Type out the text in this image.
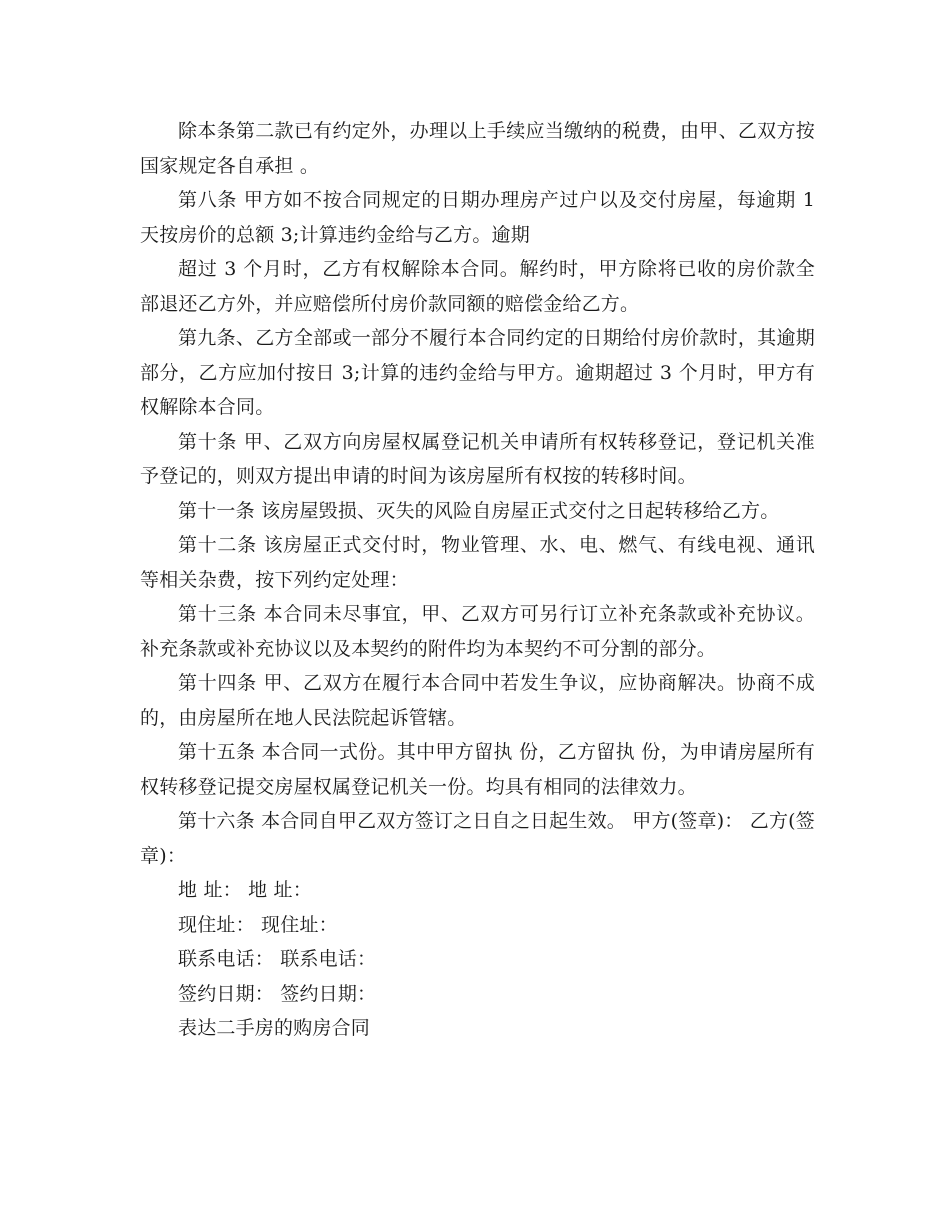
除本条第二款已有约定外，办理以上手续应当缴纳的税费，由甲、乙双方按国家规定各自承担 。

第八条 甲方如不按合同规定的日期办理房产过户以及交付房屋，每逾期 1 天按房价的总额 3;计算违约金给与乙方。逾期

超过 3 个月时，乙方有权解除本合同。解约时，甲方除将已收的房价款全部退还乙方外，并应赔偿所付房价款同额的赔偿金给乙方。

第九条、乙方全部或一部分不履行本合同约定的日期给付房价款时，其逾期部分，乙方应加付按日 3;计算的违约金给与甲方。逾期超过 3 个月时，甲方有权解除本合同。

第十条 甲、乙双方向房屋权属登记机关申请所有权转移登记，登记机关准予登记的，则双方提出申请的时间为该房屋所有权按的转移时间。

第十一条 该房屋毁损、灭失的风险自房屋正式交付之日起转移给乙方。

第十二条 该房屋正式交付时，物业管理、水、电、燃气、有线电视、通讯等相关杂费，按下列约定处理：

第十三条 本合同未尽事宜，甲、乙双方可另行订立补充条款或补充协议。补充条款或补充协议以及本契约的附件均为本契约不可分割的部分。

第十四条 甲、乙双方在履行本合同中若发生争议，应协商解决。协商不成的，由房屋所在地人民法院起诉管辖。

第十五条 本合同一式份。其中甲方留执 份，乙方留执 份，为申请房屋所有权转移登记提交房屋权属登记机关一份。均具有相同的法律效力。

第十六条 本合同自甲乙双方签订之日自之日起生效。 甲方(签章)： 乙方(签章)：

地 址： 地 址：

现住址： 现住址：

联系电话： 联系电话：

签约日期： 签约日期：

表达二手房的购房合同
